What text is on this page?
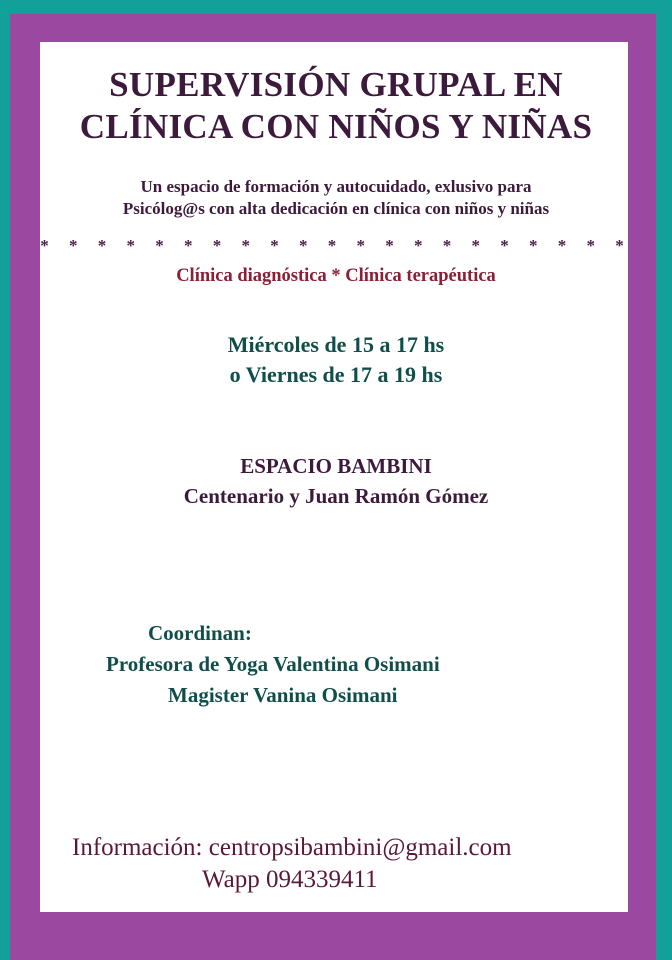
SUPERVISIÓN GRUPAL EN
CLÍNICA CON NIÑOS Y NIÑAS
Un espacio de formación y autocuidado, exlusivo para
Psicólog@s con alta dedicación en clínica con niños y niñas
* * * * * * * * * * * * * * * * * * * * *
Clínica diagnóstica * Clínica terapéutica
Miércoles de 15 a 17 hs
o Viernes de 17 a 19 hs
ESPACIO BAMBINI
Centenario y Juan Ramón Gómez
Coordinan:
Profesora de Yoga Valentina Osimani
Magister Vanina Osimani
Información: centropsibambini@gmail.com
Wapp 094339411
